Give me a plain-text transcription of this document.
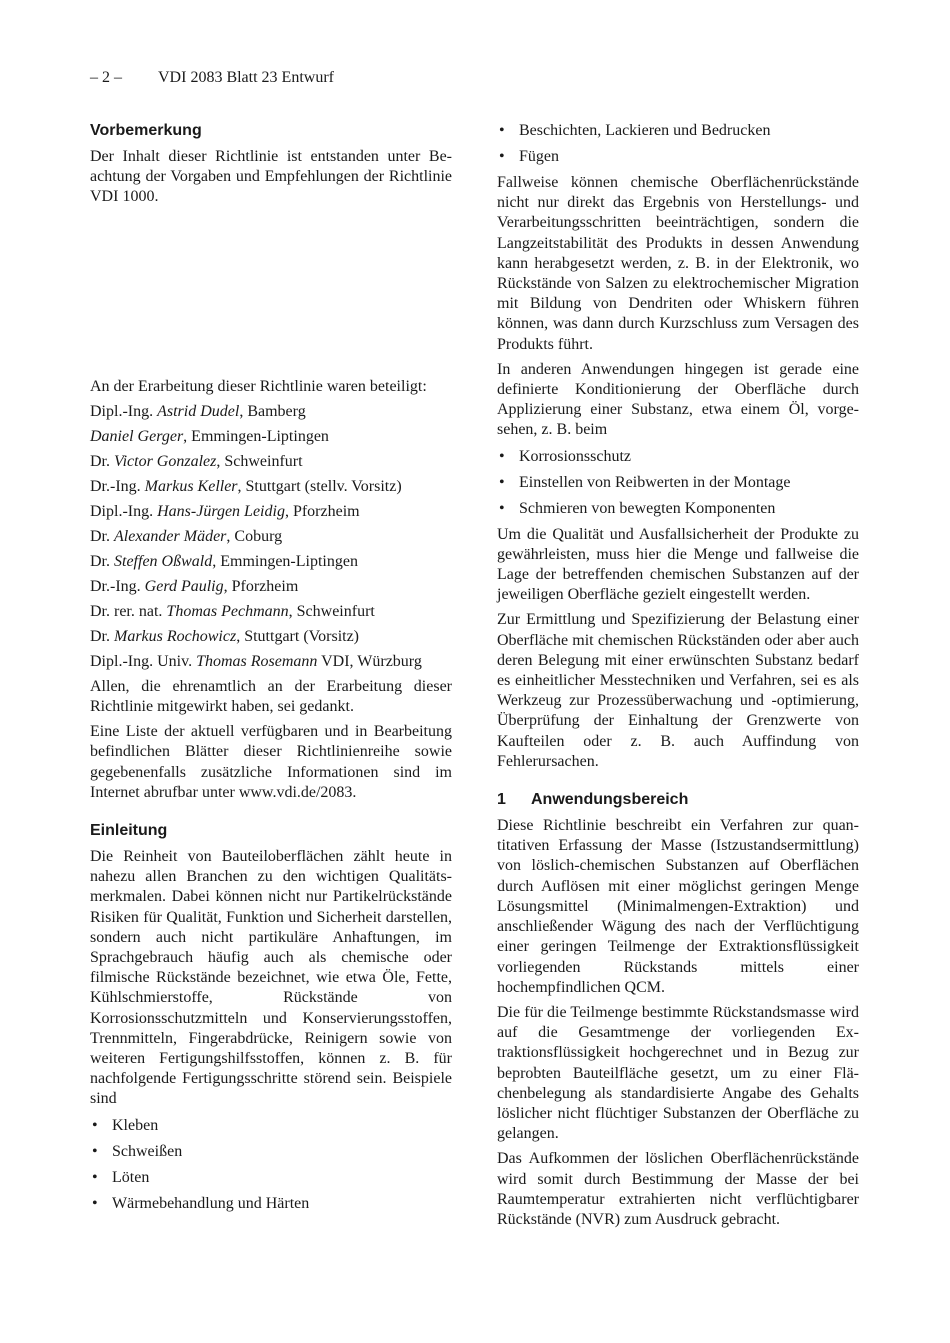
– 2 – VDI 2083 Blatt 23 Entwurf
Vorbemerkung

Der Inhalt dieser Richtlinie ist entstanden unter Beachtung der Vorgaben und Empfehlungen der Richtlinie VDI 1000.

An der Erarbeitung dieser Richtlinie waren beteiligt:

Dipl.-Ing. Astrid Dudel, Bamberg
Daniel Gerger, Emmingen-Liptingen
Dr. Victor Gonzalez, Schweinfurt
Dr.-Ing. Markus Keller, Stuttgart (stellv. Vorsitz)
Dipl.-Ing. Hans-Jürgen Leidig, Pforzheim
Dr. Alexander Mäder, Coburg
Dr. Steffen Oßwald, Emmingen-Liptingen
Dr.-Ing. Gerd Paulig, Pforzheim
Dr. rer. nat. Thomas Pechmann, Schweinfurt
Dr. Markus Rochowicz, Stuttgart (Vorsitz)
Dipl.-Ing. Univ. Thomas Rosemann VDI, Würzburg

Allen, die ehrenamtlich an der Erarbeitung dieser Richtlinie mitgewirkt haben, sei gedankt.

Eine Liste der aktuell verfügbaren und in Bearbeitung befindlichen Blätter dieser Richtlinienreihe sowie gegebenenfalls zusätzliche Informationen sind im Internet abrufbar unter www.vdi.de/2083.

Einleitung

Die Reinheit von Bauteiloberflächen zählt heute in nahezu allen Branchen zu den wichtigen Qualitätsmerkmalen. Dabei können nicht nur Partikelrückstände Risiken für Qualität, Funktion und Sicherheit darstellen, sondern auch nicht partikuläre Anhaftungen, im Sprachgebrauch häufig auch als chemische oder filmische Rückstände bezeichnet, wie etwa Öle, Fette, Kühlschmierstoffe, Rückstände von Korrosionsschutzmitteln und Konservierungsstoffen, Trennmitteln, Fingerabdrücke, Reinigern sowie von weiteren Fertigungshilfsstoffen, können z. B. für nachfolgende Fertigungsschritte störend sein. Beispiele sind

• Kleben
• Schweißen
• Löten
• Wärmebehandlung und Härten
• Beschichten, Lackieren und Bedrucken
• Fügen

Fallweise können chemische Oberflächenrückstände nicht nur direkt das Ergebnis von Herstellungs- und Verarbeitungsschritten beeinträchtigen, sondern die Langzeitstabilität des Produkts in dessen Anwendung kann herabgesetzt werden, z. B. in der Elektronik, wo Rückstände von Salzen zu elektrochemischer Migration mit Bildung von Dendriten oder Whiskern führen können, was dann durch Kurzschluss zum Versagen des Produkts führt.

In anderen Anwendungen hingegen ist gerade eine definierte Konditionierung der Oberfläche durch Applizierung einer Substanz, etwa einem Öl, vorgesehen, z. B. beim

• Korrosionsschutz
• Einstellen von Reibwerten in der Montage
• Schmieren von bewegten Komponenten

Um die Qualität und Ausfallsicherheit der Produkte zu gewährleisten, muss hier die Menge und fallweise die Lage der betreffenden chemischen Substanzen auf der jeweiligen Oberfläche gezielt eingestellt werden.

Zur Ermittlung und Spezifizierung der Belastung einer Oberfläche mit chemischen Rückständen oder aber auch deren Belegung mit einer erwünschten Substanz bedarf es einheitlicher Messtechniken und Verfahren, sei es als Werkzeug zur Prozessüberwachung und -optimierung, Überprüfung der Einhaltung der Grenzwerte von Kaufteilen oder z. B. auch Auffindung von Fehlerursachen.

1 Anwendungsbereich

Diese Richtlinie beschreibt ein Verfahren zur quantitativen Erfassung der Masse (Istzustandsermittlung) von löslich-chemischen Substanzen auf Oberflächen durch Auflösen mit einer möglichst geringen Menge Lösungsmittel (Minimalmengen-Extraktion) und anschließender Wägung des nach der Verflüchtigung einer geringen Teilmenge der Extraktionsflüssigkeit vorliegenden Rückstands mittels einer hochempfindlichen QCM.

Die für die Teilmenge bestimmte Rückstandsmasse wird auf die Gesamtmenge der vorliegenden Extraktionsflüssigkeit hochgerechnet und in Bezug zur beprobten Bauteilfläche gesetzt, um zu einer Flächenbelegung als standardisierte Angabe des Gehalts löslicher nicht flüchtiger Substanzen der Oberfläche zu gelangen.

Das Aufkommen der löslichen Oberflächenrückstände wird somit durch Bestimmung der Masse der bei Raumtemperatur extrahierten nicht verflüchtigbarer Rückstände (NVR) zum Ausdruck gebracht.
